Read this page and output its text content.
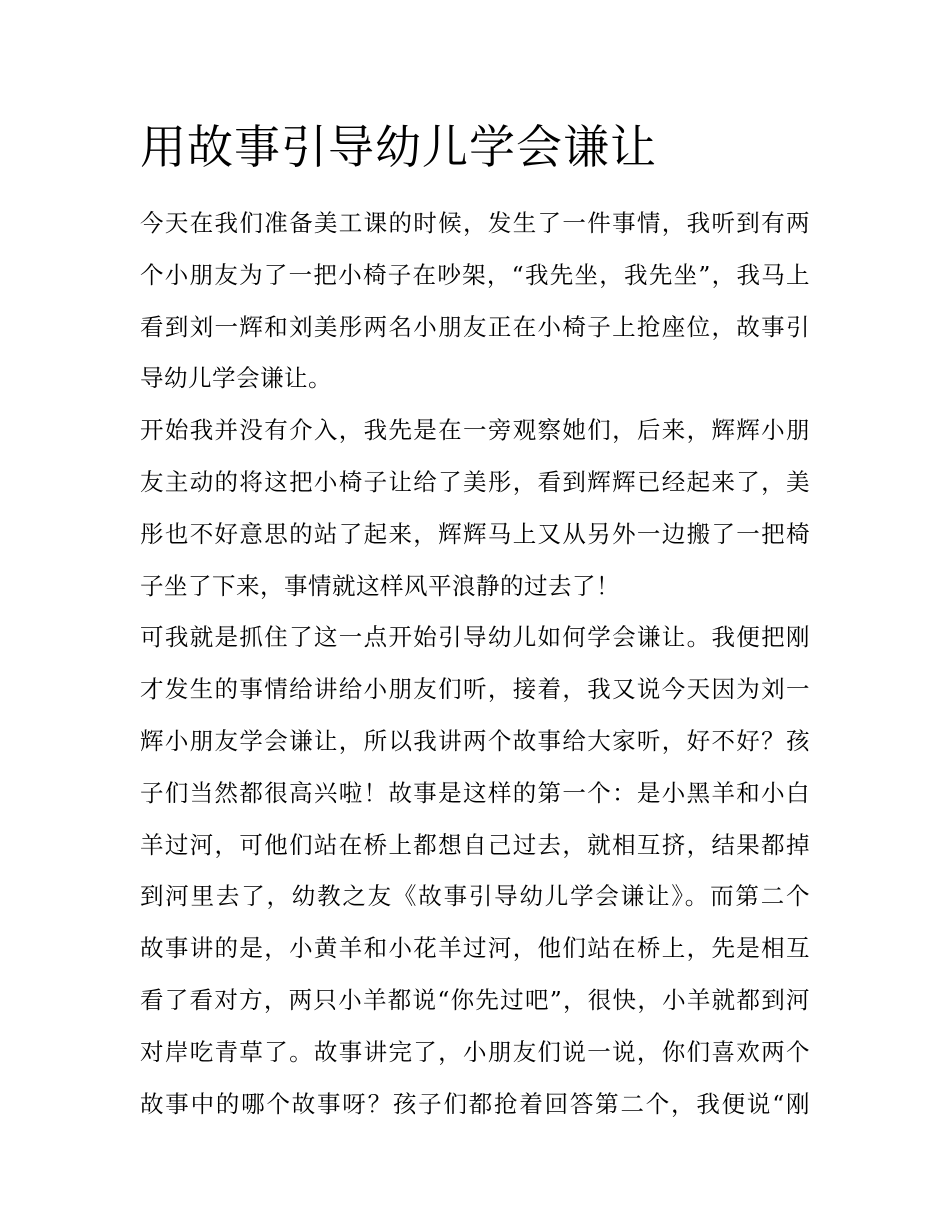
用故事引导幼儿学会谦让
今天在我们准备美工课的时候，发生了一件事情，我听到有两
个小朋友为了一把小椅子在吵架，“我先坐，我先坐”，我马上
看到刘一辉和刘美彤两名小朋友正在小椅子上抢座位，故事引
导幼儿学会谦让。
开始我并没有介入，我先是在一旁观察她们，后来，辉辉小朋
友主动的将这把小椅子让给了美彤，看到辉辉已经起来了，美
彤也不好意思的站了起来，辉辉马上又从另外一边搬了一把椅
子坐了下来，事情就这样风平浪静的过去了！
可我就是抓住了这一点开始引导幼儿如何学会谦让。我便把刚
才发生的事情给讲给小朋友们听，接着，我又说今天因为刘一
辉小朋友学会谦让，所以我讲两个故事给大家听，好不好？孩
子们当然都很高兴啦！故事是这样的第一个：是小黑羊和小白
羊过河，可他们站在桥上都想自己过去，就相互挤，结果都掉
到河里去了，幼教之友《故事引导幼儿学会谦让》。而第二个
故事讲的是，小黄羊和小花羊过河，他们站在桥上，先是相互
看了看对方，两只小羊都说“你先过吧”，很快，小羊就都到河
对岸吃青草了。故事讲完了，小朋友们说一说，你们喜欢两个
故事中的哪个故事呀？孩子们都抢着回答第二个，我便说“刚
